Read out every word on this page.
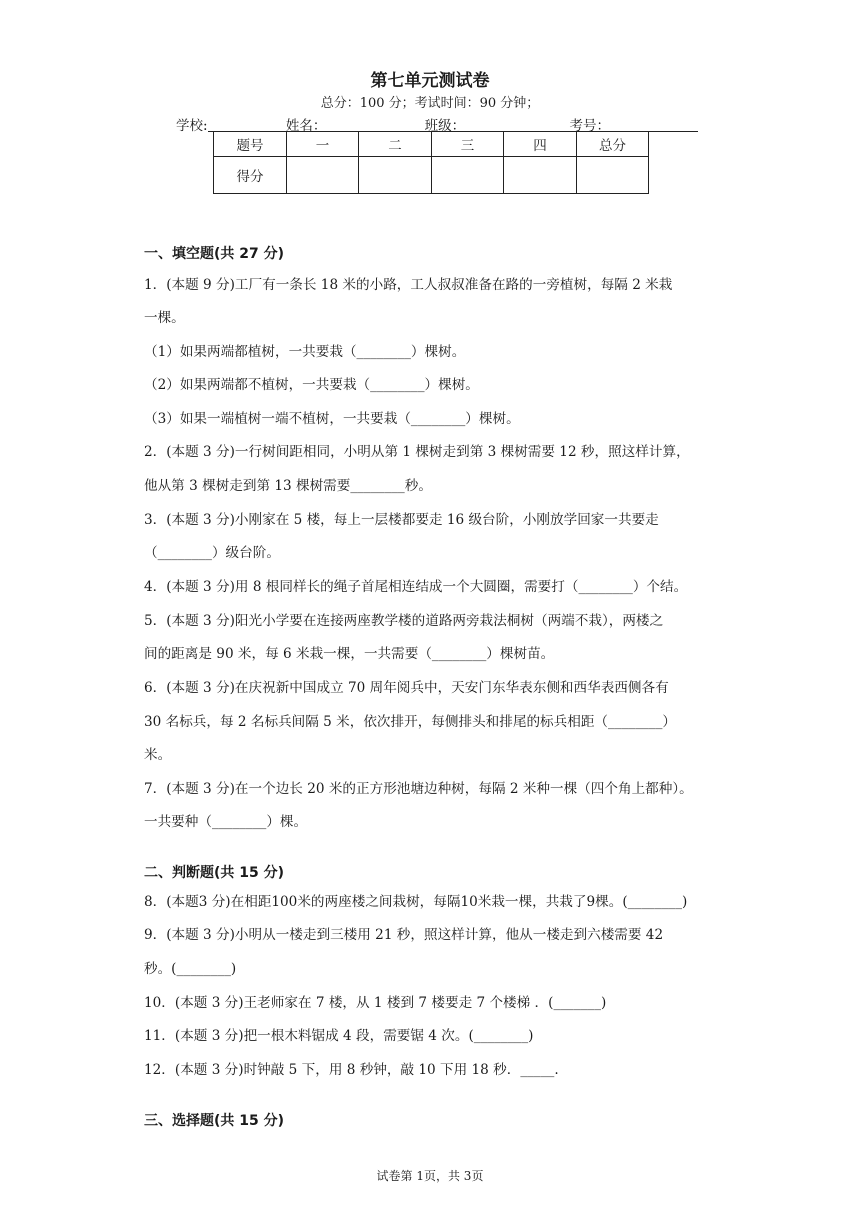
第七单元测试卷
总分：100 分；考试时间：90 分钟；
学校:	姓名：	班级：	考号：
题号	一	二	三	四	总分
得分					
一、填空题(共 27 分)
1．(本题 9 分)工厂有一条长 18 米的小路，工人叔叔准备在路的一旁植树，每隔 2 米栽
一棵。
（1）如果两端都植树，一共要栽（________）棵树。
（2）如果两端都不植树，一共要栽（________）棵树。
（3）如果一端植树一端不植树，一共要栽（________）棵树。
2．(本题 3 分)一行树间距相同，小明从第 1 棵树走到第 3 棵树需要 12 秒，照这样计算，
他从第 3 棵树走到第 13 棵树需要________秒。
3．(本题 3 分)小刚家在 5 楼，每上一层楼都要走 16 级台阶，小刚放学回家一共要走
（________）级台阶。
4．(本题 3 分)用 8 根同样长的绳子首尾相连结成一个大圆圈，需要打（________）个结。
5．(本题 3 分)阳光小学要在连接两座教学楼的道路两旁栽法桐树（两端不栽），两楼之
间的距离是 90 米，每 6 米栽一棵，一共需要（________）棵树苗。
6．(本题 3 分)在庆祝新中国成立 70 周年阅兵中，天安门东华表东侧和西华表西侧各有
30 名标兵，每 2 名标兵间隔 5 米，依次排开，每侧排头和排尾的标兵相距（________）
米。
7．(本题 3 分)在一个边长 20 米的正方形池塘边种树，每隔 2 米种一棵（四个角上都种）。
一共要种（________）棵。
二、判断题(共 15 分)
8．(本题3 分)在相距100米的两座楼之间栽树，每隔10米栽一棵，共栽了9棵。(________)
9．(本题 3 分)小明从一楼走到三楼用 21 秒，照这样计算，他从一楼走到六楼需要 42
秒。(________)
10．(本题 3 分)王老师家在 7 楼，从 1 楼到 7 楼要走 7 个楼梯 ．(_______)
11．(本题 3 分)把一根木料锯成 4 段，需要锯 4 次。(________)
12．(本题 3 分)时钟敲 5 下，用 8 秒钟，敲 10 下用 18 秒．_____.
三、选择题(共 15 分)
试卷第 1页，共 3页
